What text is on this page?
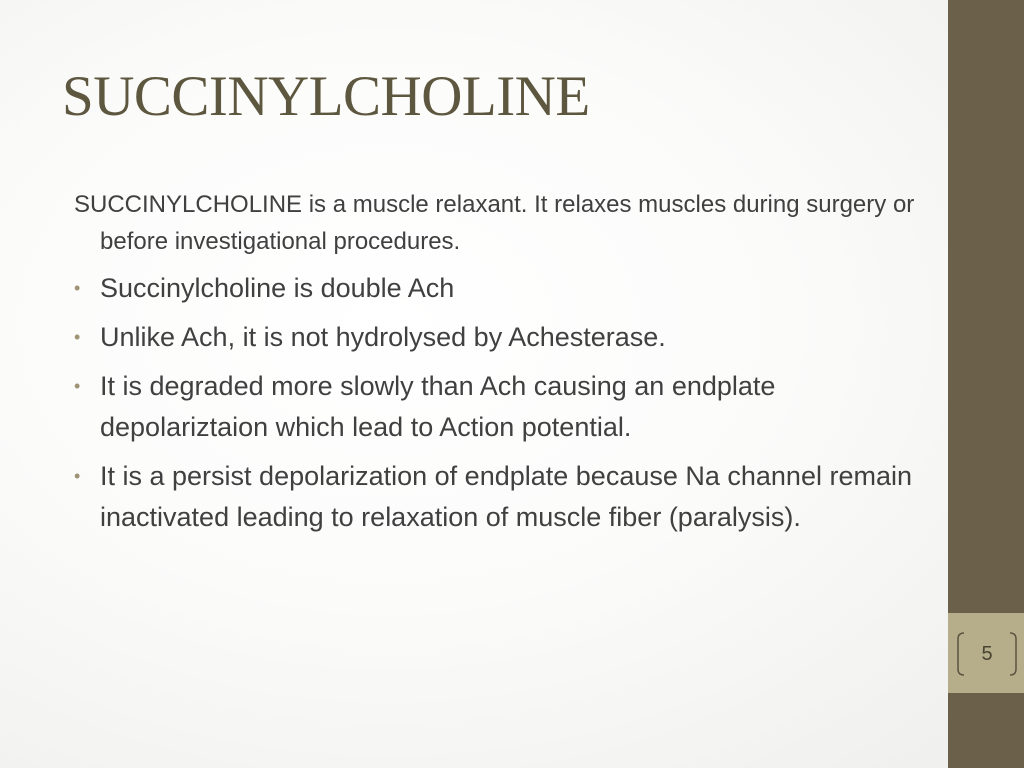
SUCCINYLCHOLINE

SUCCINYLCHOLINE is a muscle relaxant. It relaxes muscles during surgery or before investigational procedures.

• Succinylcholine is double Ach
• Unlike Ach, it is not hydrolysed by Achesterase.
• It is degraded more slowly than Ach causing an endplate depolariztaion which lead to Action potential.
• It is a persist depolarization of endplate because Na channel remain inactivated leading to relaxation of muscle fiber (paralysis).
5
